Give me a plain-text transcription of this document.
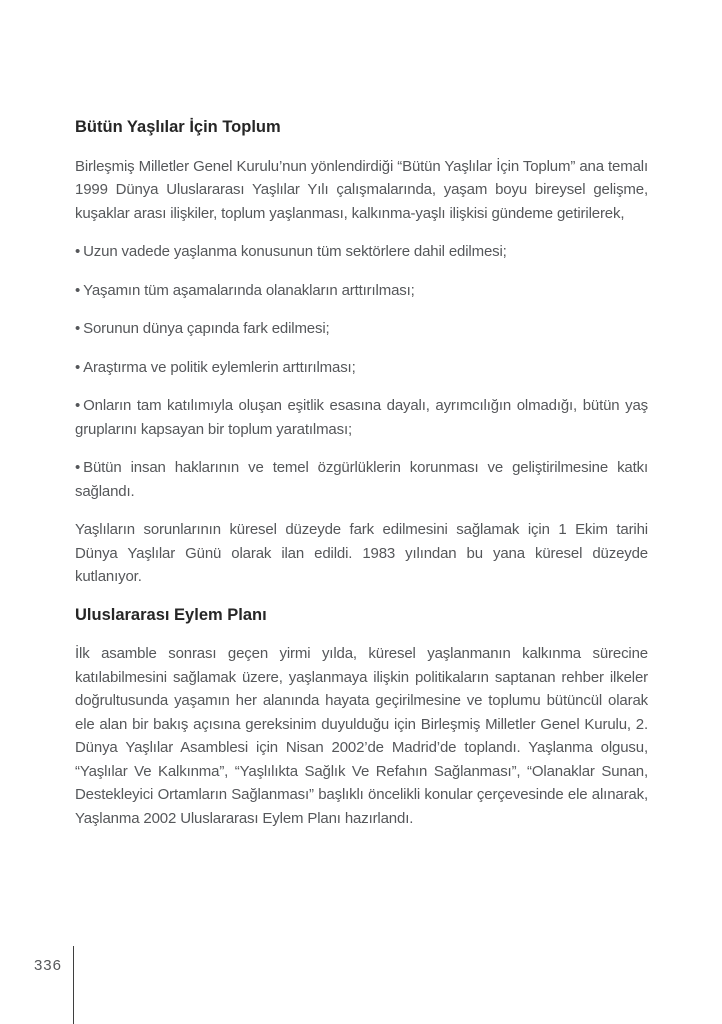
Bütün Yaşlılar İçin Toplum

Birleşmiş Milletler Genel Kurulu’nun yönlendirdiği “Bütün Yaşlılar İçin Toplum” ana temalı 1999 Dünya Uluslararası Yaşlılar Yılı çalışmalarında, yaşam boyu bireysel gelişme, kuşaklar arası ilişkiler, toplum yaşlanması, kalkınma-yaşlı ilişkisi gündeme getirilerek,

• Uzun vadede yaşlanma konusunun tüm sektörlere dahil edilmesi;
• Yaşamın tüm aşamalarında olanakların arttırılması;
• Sorunun dünya çapında fark edilmesi;
• Araştırma ve politik eylemlerin arttırılması;
• Onların tam katılımıyla oluşan eşitlik esasına dayalı, ayrımcılığın olmadığı, bütün yaş gruplarını kapsayan bir toplum yaratılması;
• Bütün insan haklarının ve temel özgürlüklerin korunması ve geliştirilmesine katkı sağlandı.

Yaşlıların sorunlarının küresel düzeyde fark edilmesini sağlamak için 1 Ekim tarihi Dünya Yaşlılar Günü olarak ilan edildi. 1983 yılından bu yana küresel düzeyde kutlanıyor.

Uluslararası Eylem Planı

İlk asamble sonrası geçen yirmi yılda, küresel yaşlanmanın kalkınma sürecine katılabilmesini sağlamak üzere, yaşlanmaya ilişkin politikaların saptanan rehber ilkeler doğrultusunda yaşamın her alanında hayata geçirilmesine ve toplumu bütüncül olarak ele alan bir bakış açısına gereksinim duyulduğu için Birleşmiş Milletler Genel Kurulu, 2. Dünya Yaşlılar Asamblesi için Nisan 2002’de Madrid’de toplandı. Yaşlanma olgusu, “Yaşlılar Ve Kalkınma”, “Yaşlılıkta Sağlık Ve Refahın Sağlanması”, “Olanaklar Sunan, Destekleyici Ortamların Sağlanması” başlıklı öncelikli konular çerçevesinde ele alınarak, Yaşlanma 2002 Uluslararası Eylem Planı hazırlandı.

336
